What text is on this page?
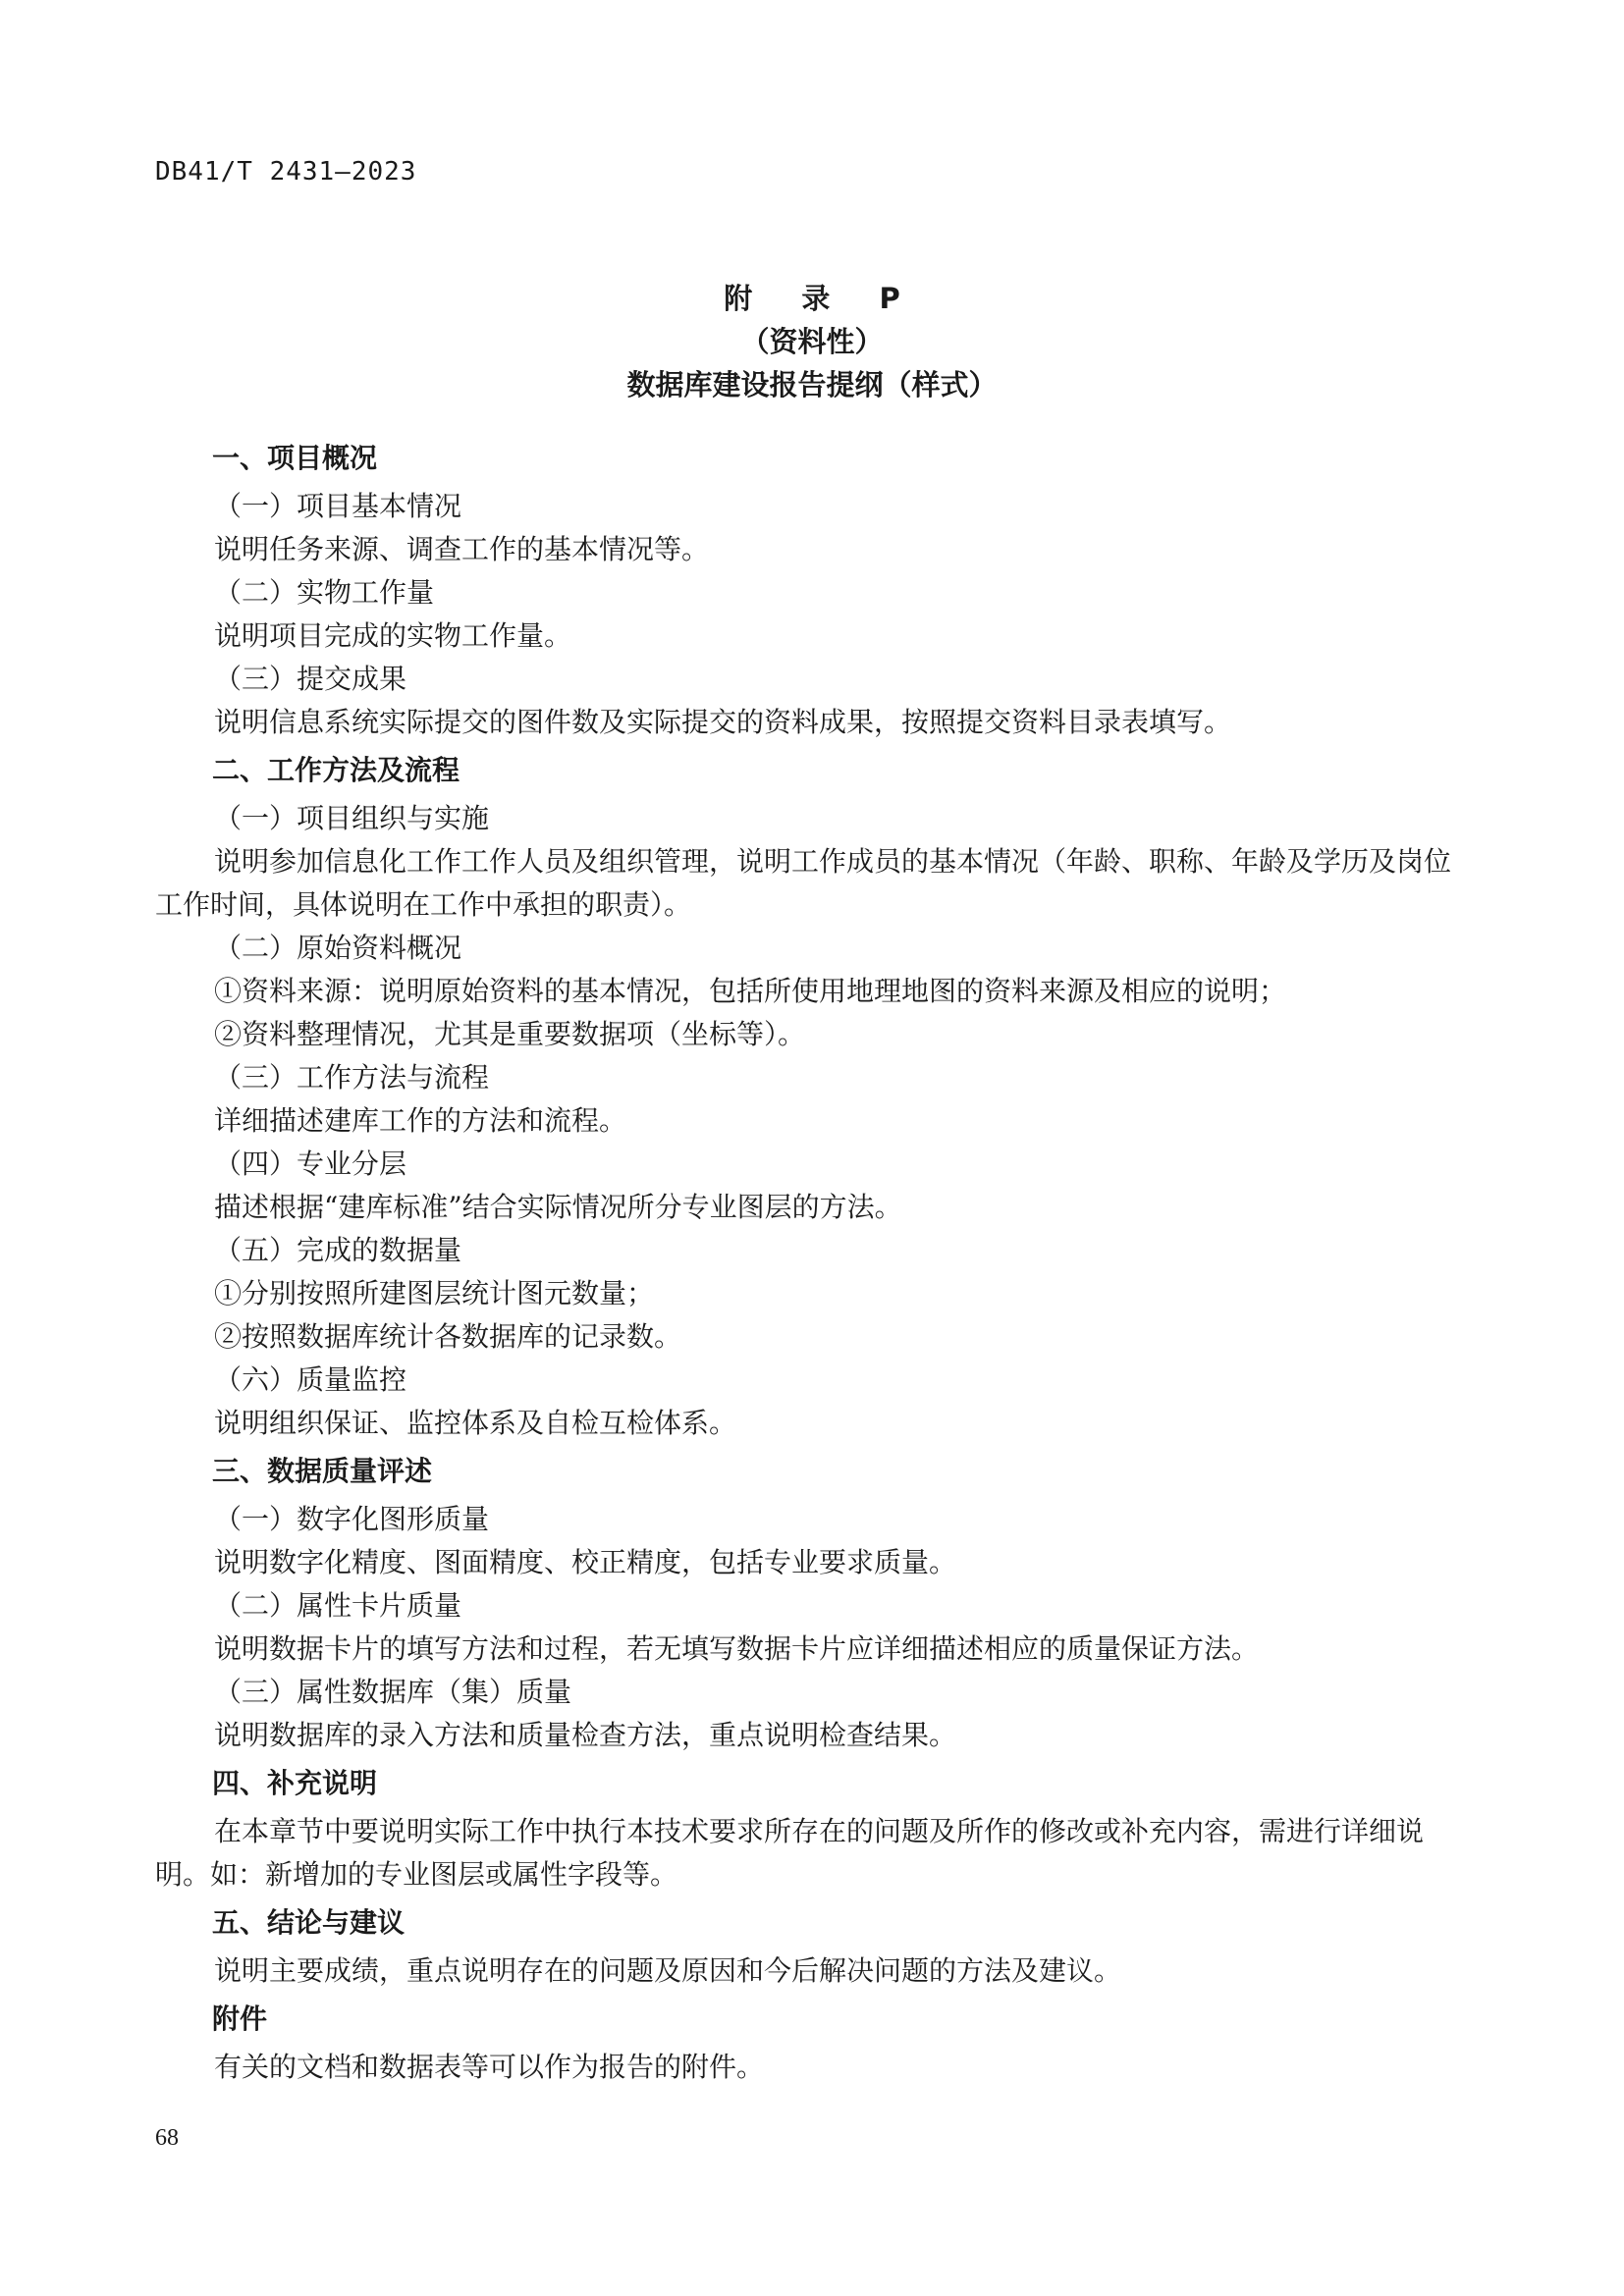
DB41/T 2431—2023
附 录 P
（资料性）
数据库建设报告提纲（样式）
一、项目概况
（一）项目基本情况
说明任务来源、调查工作的基本情况等。
（二）实物工作量
说明项目完成的实物工作量。
（三）提交成果
说明信息系统实际提交的图件数及实际提交的资料成果，按照提交资料目录表填写。
二、工作方法及流程
（一）项目组织与实施
说明参加信息化工作工作人员及组织管理，说明工作成员的基本情况（年龄、职称、年龄及学历及岗位工作时间，具体说明在工作中承担的职责）。
（二）原始资料概况
①资料来源：说明原始资料的基本情况，包括所使用地理地图的资料来源及相应的说明；
②资料整理情况，尤其是重要数据项（坐标等）。
（三）工作方法与流程
详细描述建库工作的方法和流程。
（四）专业分层
描述根据“建库标准”结合实际情况所分专业图层的方法。
（五）完成的数据量
①分别按照所建图层统计图元数量；
②按照数据库统计各数据库的记录数。
（六）质量监控
说明组织保证、监控体系及自检互检体系。
三、数据质量评述
（一）数字化图形质量
说明数字化精度、图面精度、校正精度，包括专业要求质量。
（二）属性卡片质量
说明数据卡片的填写方法和过程，若无填写数据卡片应详细描述相应的质量保证方法。
（三）属性数据库（集）质量
说明数据库的录入方法和质量检查方法，重点说明检查结果。
四、补充说明
在本章节中要说明实际工作中执行本技术要求所存在的问题及所作的修改或补充内容，需进行详细说明。如：新增加的专业图层或属性字段等。
五、结论与建议
说明主要成绩，重点说明存在的问题及原因和今后解决问题的方法及建议。
附件
有关的文档和数据表等可以作为报告的附件。
68
